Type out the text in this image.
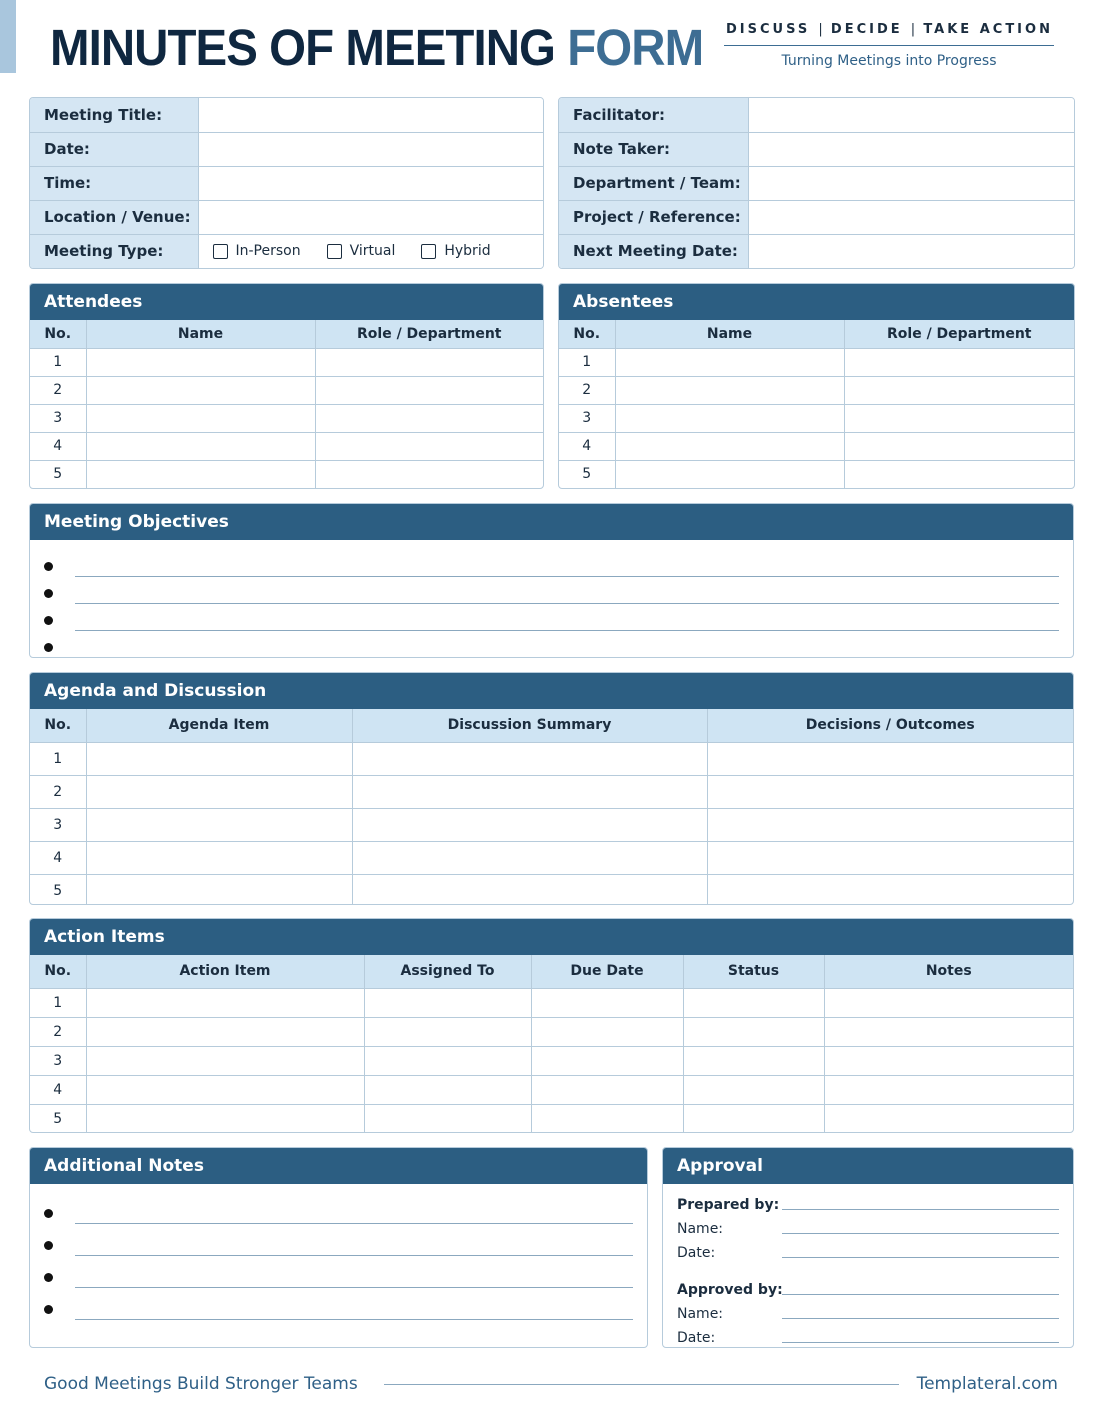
MINUTES OF MEETING FORM DISCUSS | DECIDE | TAKE ACTION
Turning Meetings into Progress
Meeting Title:	
Date:	
Time:	
Location / Venue:	
Meeting Type:	In-Person Virtual Hybrid
Facilitator:	
Note Taker:	
Department / Team:	
Project / Reference:	
Next Meeting Date:	
Attendees
No.	Name	Role / Department
1		
2		
3		
4		
5		
Absentees
No.	Name	Role / Department
1		
2		
3		
4		
5		
Meeting Objectives
Agenda and Discussion
No.	Agenda Item	Discussion Summary	Decisions / Outcomes
1			
2			
3			
4			
5			
Action Items
No.	Action Item	Assigned To	Due Date	Status	Notes
1					
2					
3					
4					
5					
Additional Notes	Approval
Prepared by:
Name:
Date:
Approved by:
Name:
Date:
Good Meetings Build Stronger Teams	Templateral.com
